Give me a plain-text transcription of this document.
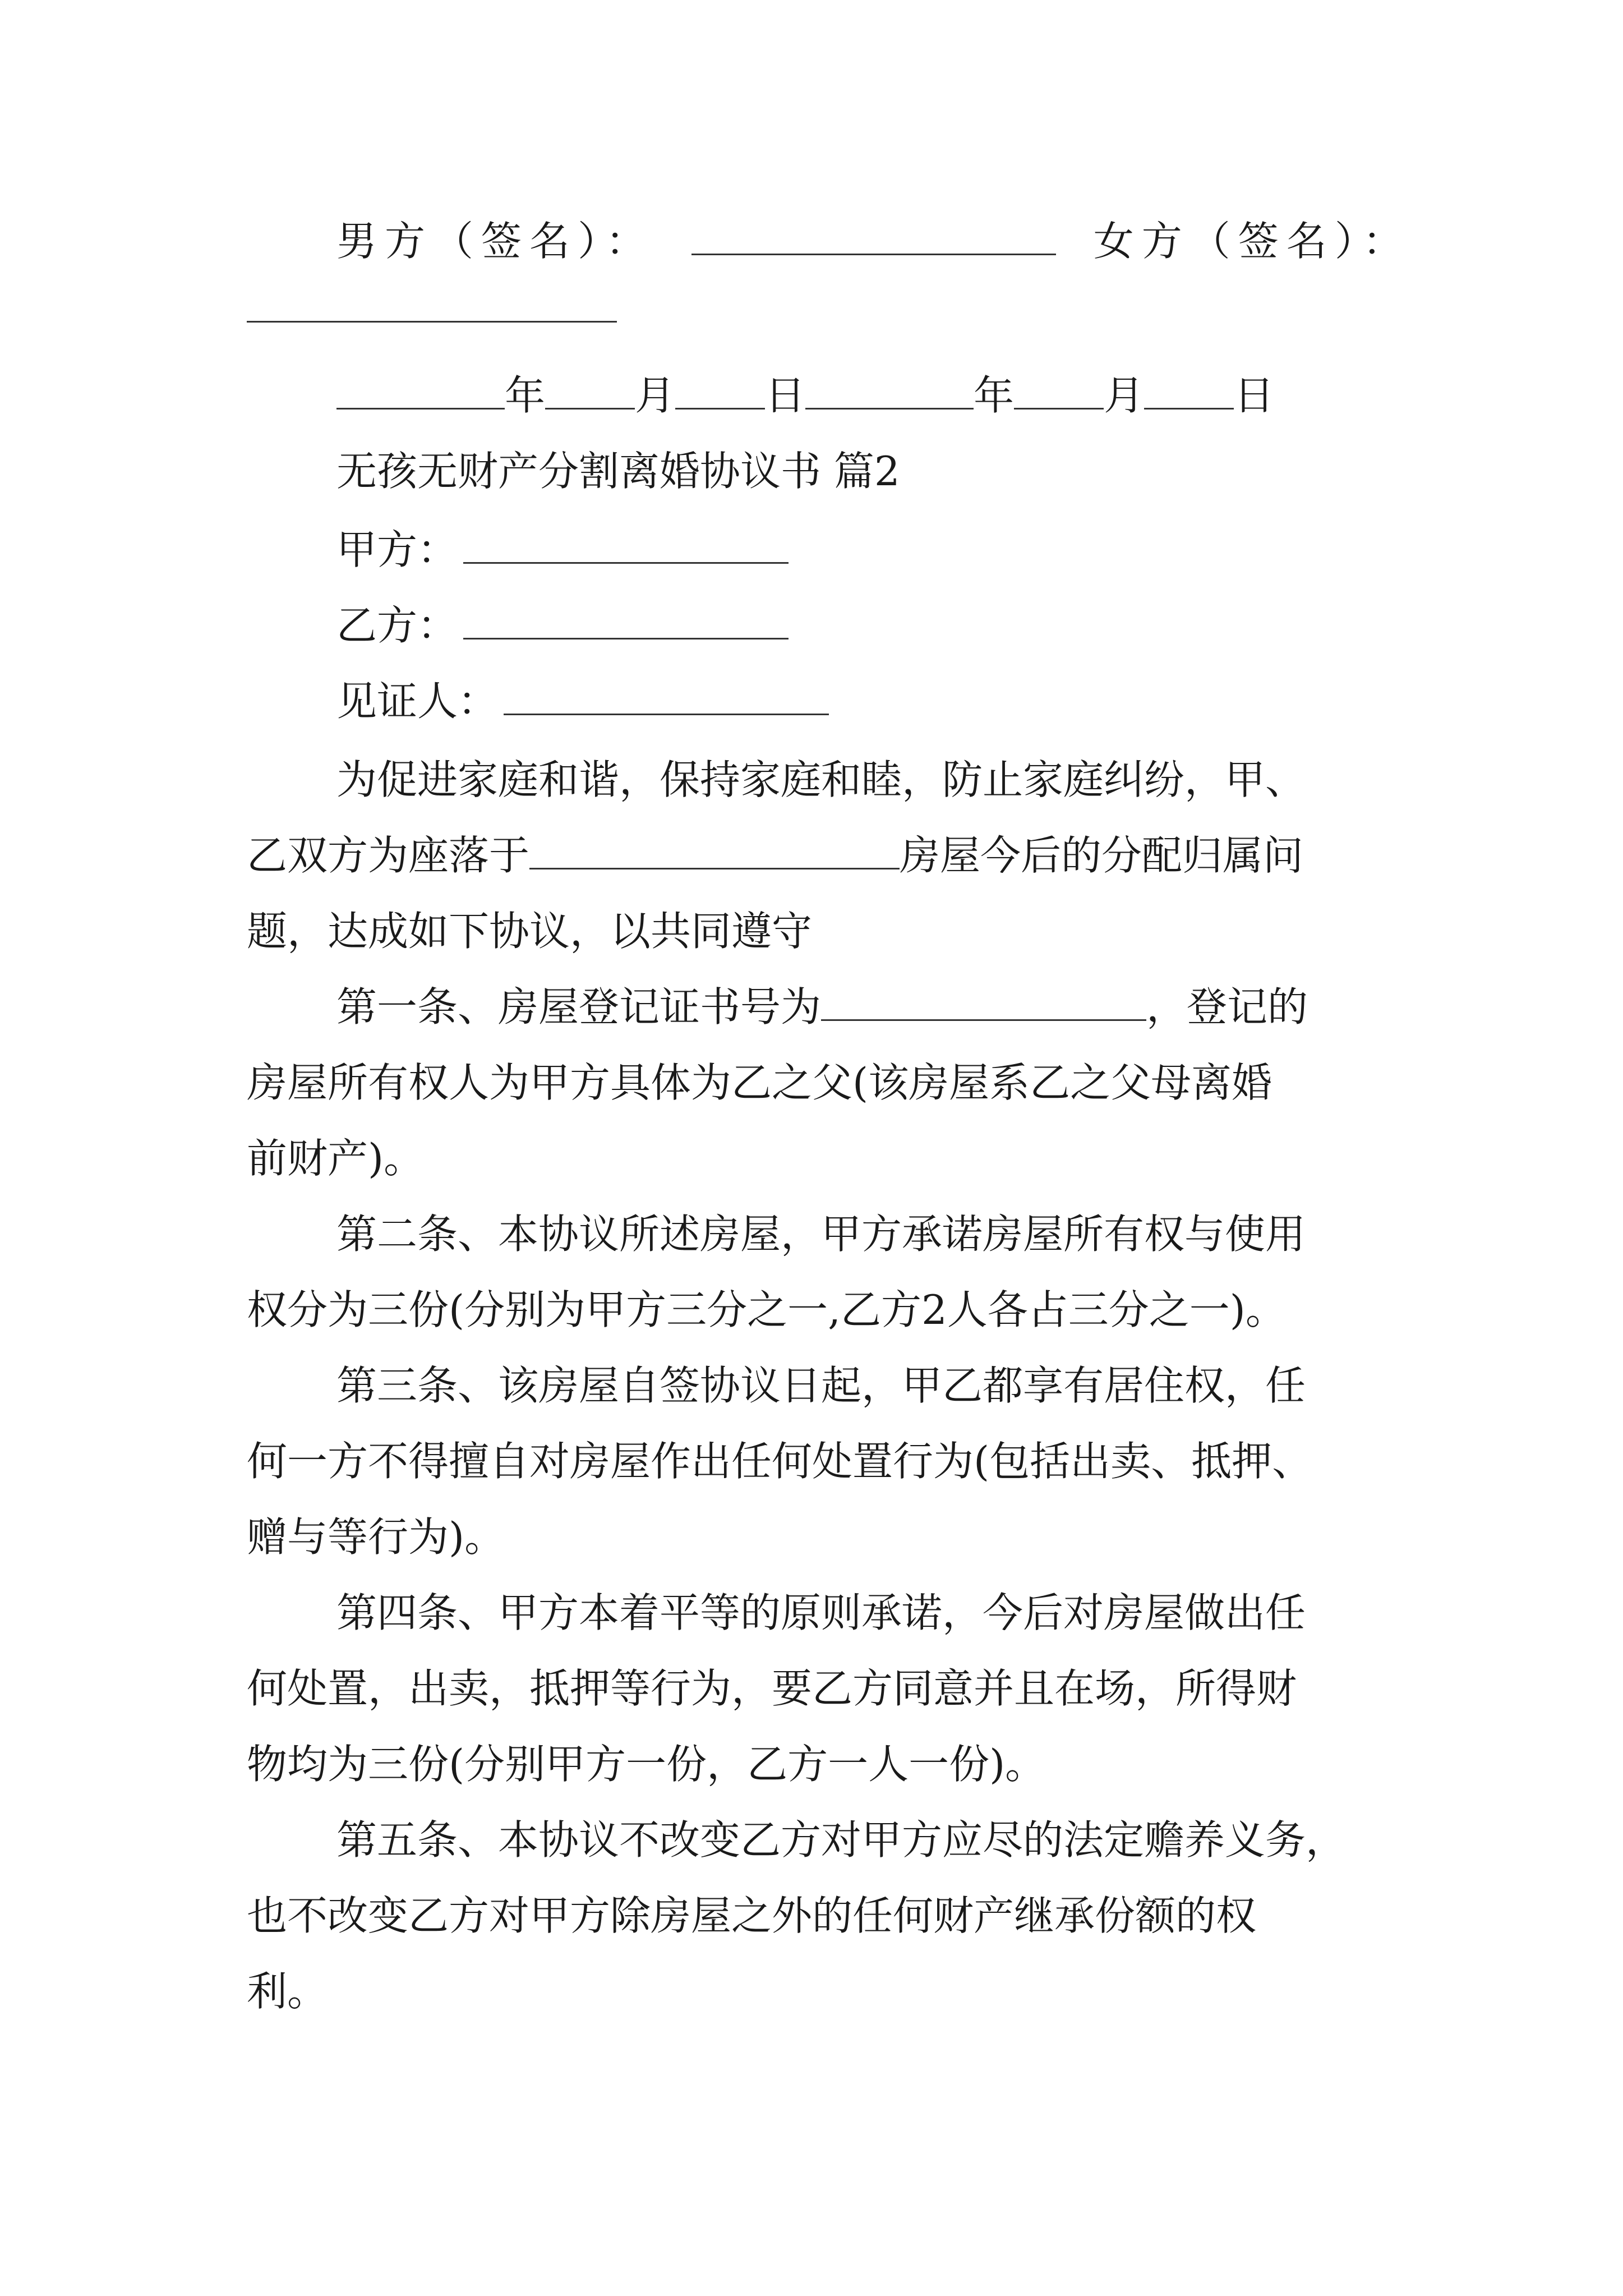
男方（签名）：	女方（签名）：
年 月 日	年 月 日
无孩无财产分割离婚协议书 篇2
甲方：
乙方：
见证人：
为促进家庭和谐，保持家庭和睦，防止家庭纠纷，甲、
乙双方为座落于	房屋今后的分配归属问
题，达成如下协议，以共同遵守
第一条、房屋登记证书号为	，登记的
房屋所有权人为甲方具体为乙之父(该房屋系乙之父母离婚
前财产)。
第二条、本协议所述房屋，甲方承诺房屋所有权与使用
权分为三份(分别为甲方三分之一,乙方2人各占三分之一)。
第三条、该房屋自签协议日起，甲乙都享有居住权，任
何一方不得擅自对房屋作出任何处置行为(包括出卖、抵押、
赠与等行为)。
第四条、甲方本着平等的原则承诺，今后对房屋做出任
何处置，出卖，抵押等行为，要乙方同意并且在场，所得财
物均为三份(分别甲方一份，乙方一人一份)。
第五条、本协议不改变乙方对甲方应尽的法定赡养义务，
也不改变乙方对甲方除房屋之外的任何财产继承份额的权
利。
